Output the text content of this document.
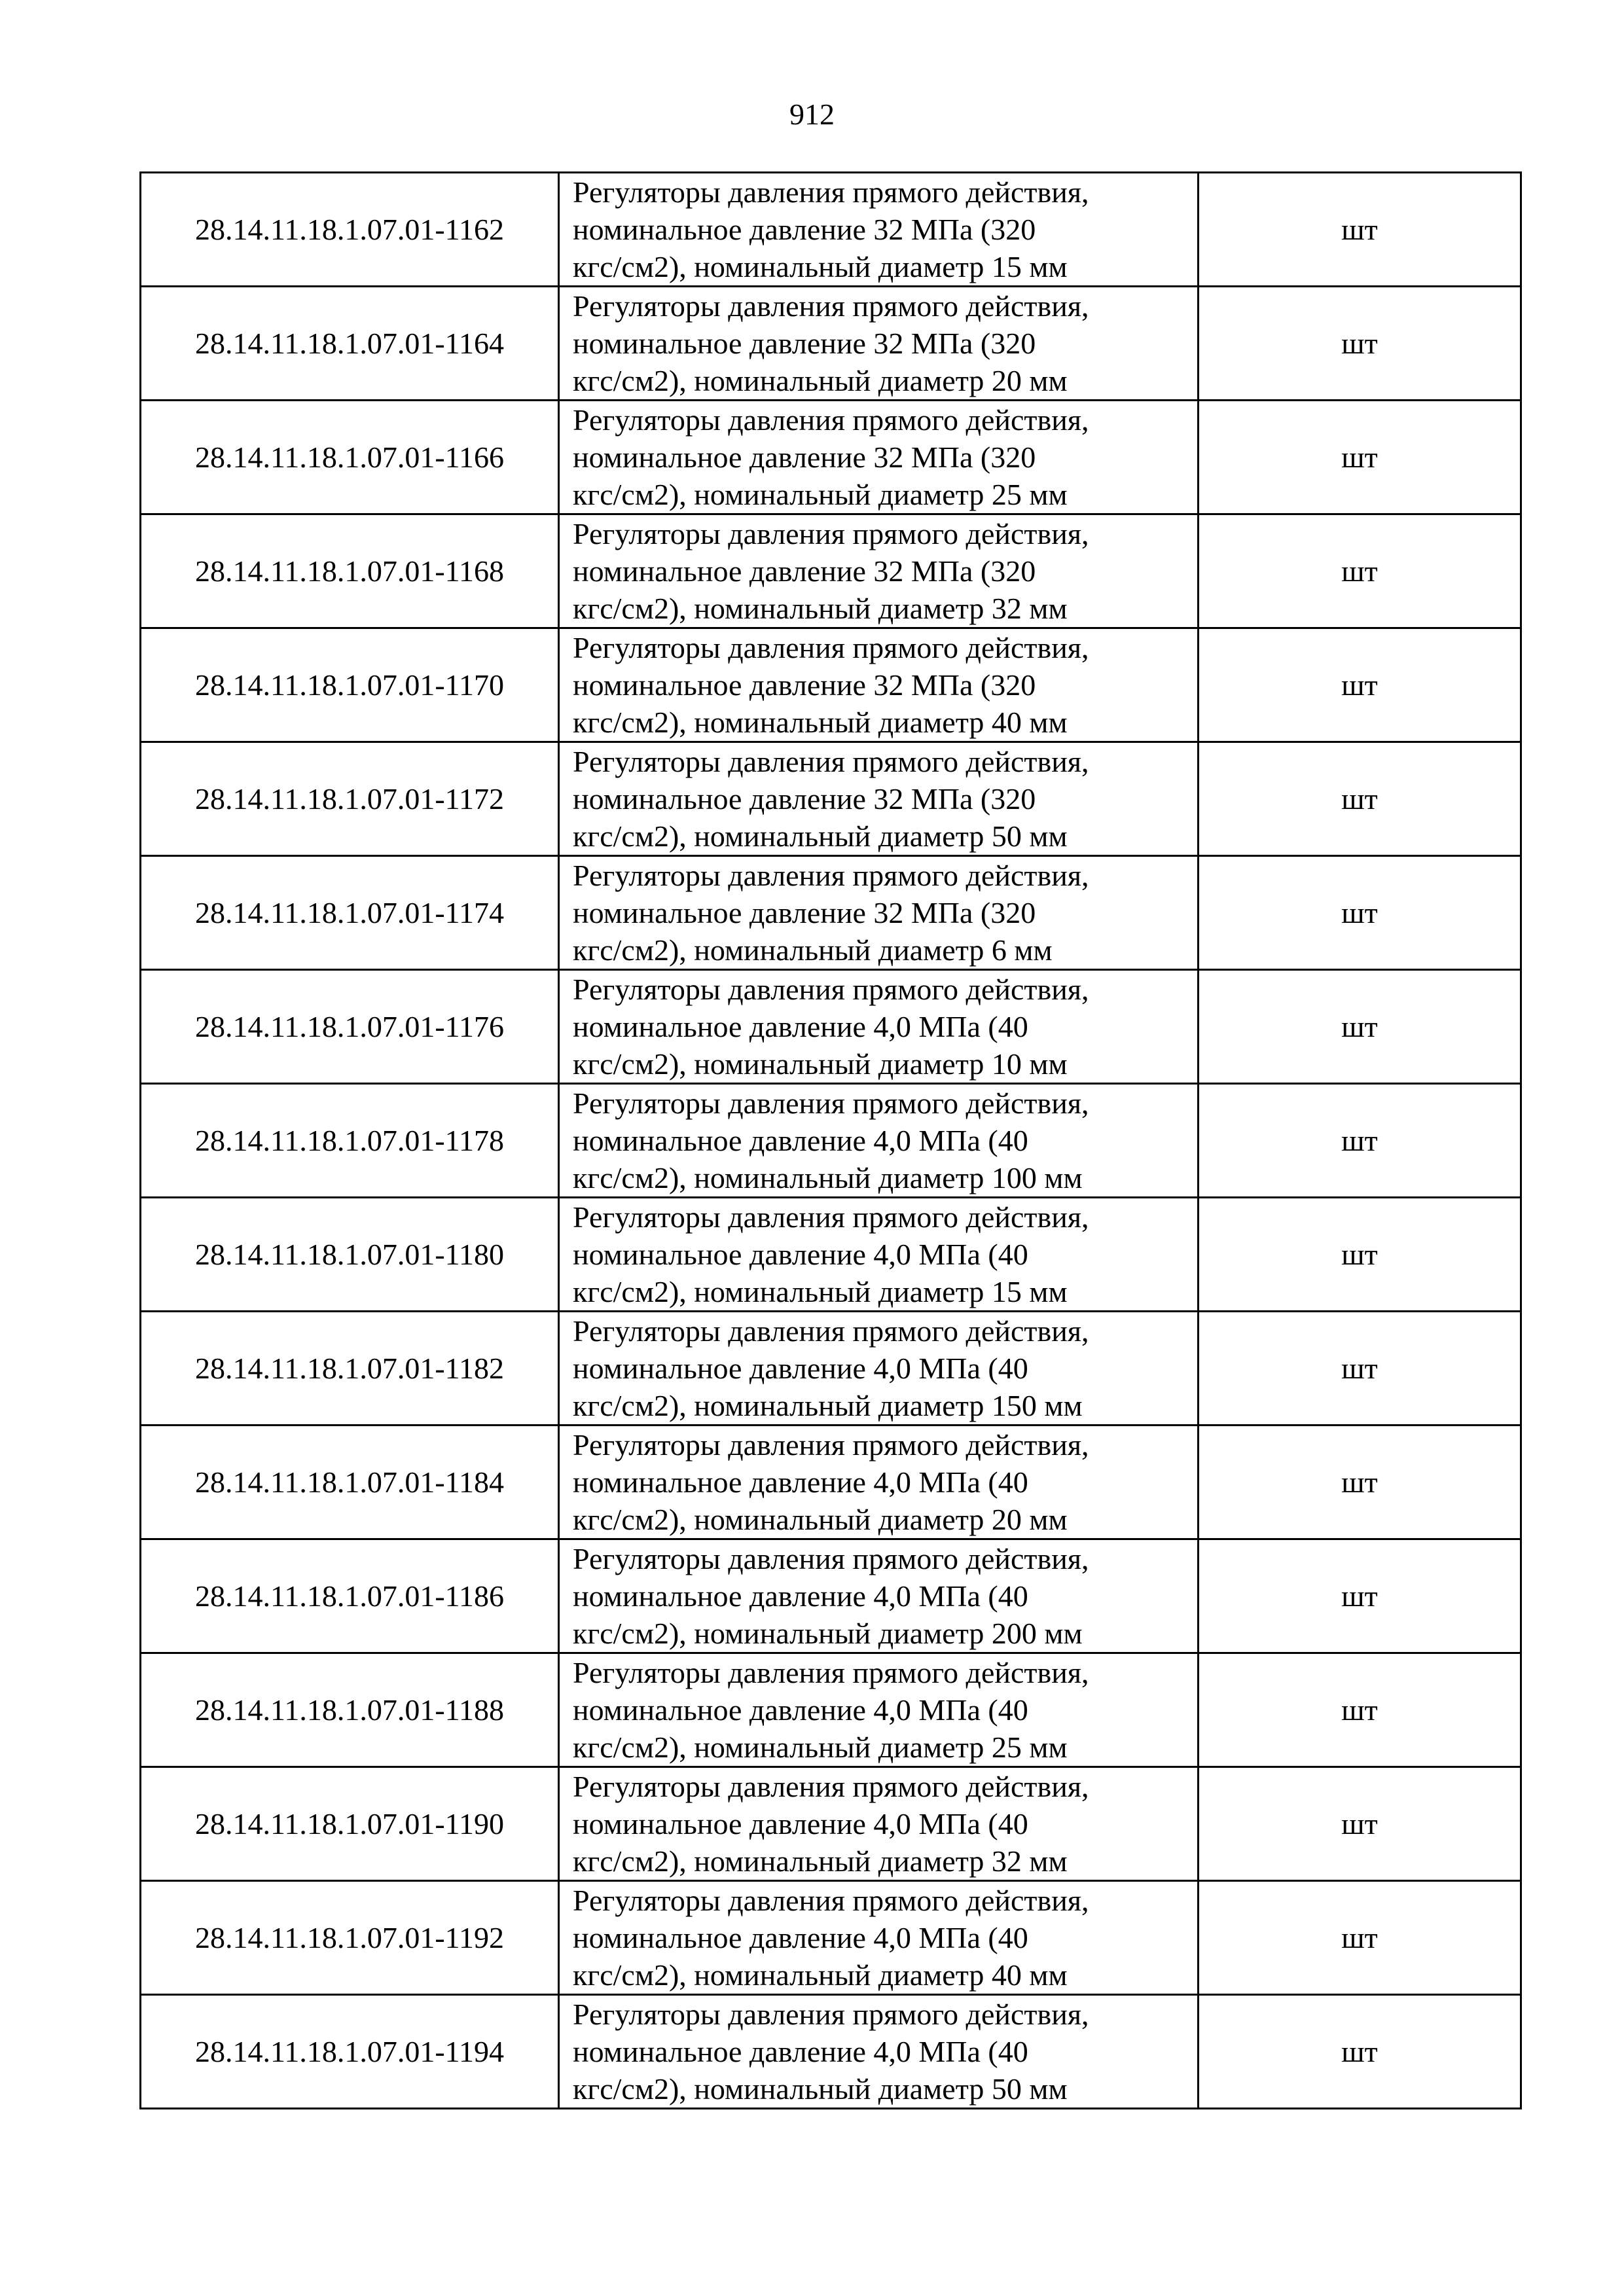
912
28.14.11.18.1.07.01-1162	Регуляторы давления прямого действия,
номинальное давление 32 МПа (320
кгс/см2), номинальный диаметр 15 мм	шт
28.14.11.18.1.07.01-1164	Регуляторы давления прямого действия,
номинальное давление 32 МПа (320
кгс/см2), номинальный диаметр 20 мм	шт
28.14.11.18.1.07.01-1166	Регуляторы давления прямого действия,
номинальное давление 32 МПа (320
кгс/см2), номинальный диаметр 25 мм	шт
28.14.11.18.1.07.01-1168	Регуляторы давления прямого действия,
номинальное давление 32 МПа (320
кгс/см2), номинальный диаметр 32 мм	шт
28.14.11.18.1.07.01-1170	Регуляторы давления прямого действия,
номинальное давление 32 МПа (320
кгс/см2), номинальный диаметр 40 мм	шт
28.14.11.18.1.07.01-1172	Регуляторы давления прямого действия,
номинальное давление 32 МПа (320
кгс/см2), номинальный диаметр 50 мм	шт
28.14.11.18.1.07.01-1174	Регуляторы давления прямого действия,
номинальное давление 32 МПа (320
кгс/см2), номинальный диаметр 6 мм	шт
28.14.11.18.1.07.01-1176	Регуляторы давления прямого действия,
номинальное давление 4,0 МПа (40
кгс/см2), номинальный диаметр 10 мм	шт
28.14.11.18.1.07.01-1178	Регуляторы давления прямого действия,
номинальное давление 4,0 МПа (40
кгс/см2), номинальный диаметр 100 мм	шт
28.14.11.18.1.07.01-1180	Регуляторы давления прямого действия,
номинальное давление 4,0 МПа (40
кгс/см2), номинальный диаметр 15 мм	шт
28.14.11.18.1.07.01-1182	Регуляторы давления прямого действия,
номинальное давление 4,0 МПа (40
кгс/см2), номинальный диаметр 150 мм	шт
28.14.11.18.1.07.01-1184	Регуляторы давления прямого действия,
номинальное давление 4,0 МПа (40
кгс/см2), номинальный диаметр 20 мм	шт
28.14.11.18.1.07.01-1186	Регуляторы давления прямого действия,
номинальное давление 4,0 МПа (40
кгс/см2), номинальный диаметр 200 мм	шт
28.14.11.18.1.07.01-1188	Регуляторы давления прямого действия,
номинальное давление 4,0 МПа (40
кгс/см2), номинальный диаметр 25 мм	шт
28.14.11.18.1.07.01-1190	Регуляторы давления прямого действия,
номинальное давление 4,0 МПа (40
кгс/см2), номинальный диаметр 32 мм	шт
28.14.11.18.1.07.01-1192	Регуляторы давления прямого действия,
номинальное давление 4,0 МПа (40
кгс/см2), номинальный диаметр 40 мм	шт
28.14.11.18.1.07.01-1194	Регуляторы давления прямого действия,
номинальное давление 4,0 МПа (40
кгс/см2), номинальный диаметр 50 мм	шт
